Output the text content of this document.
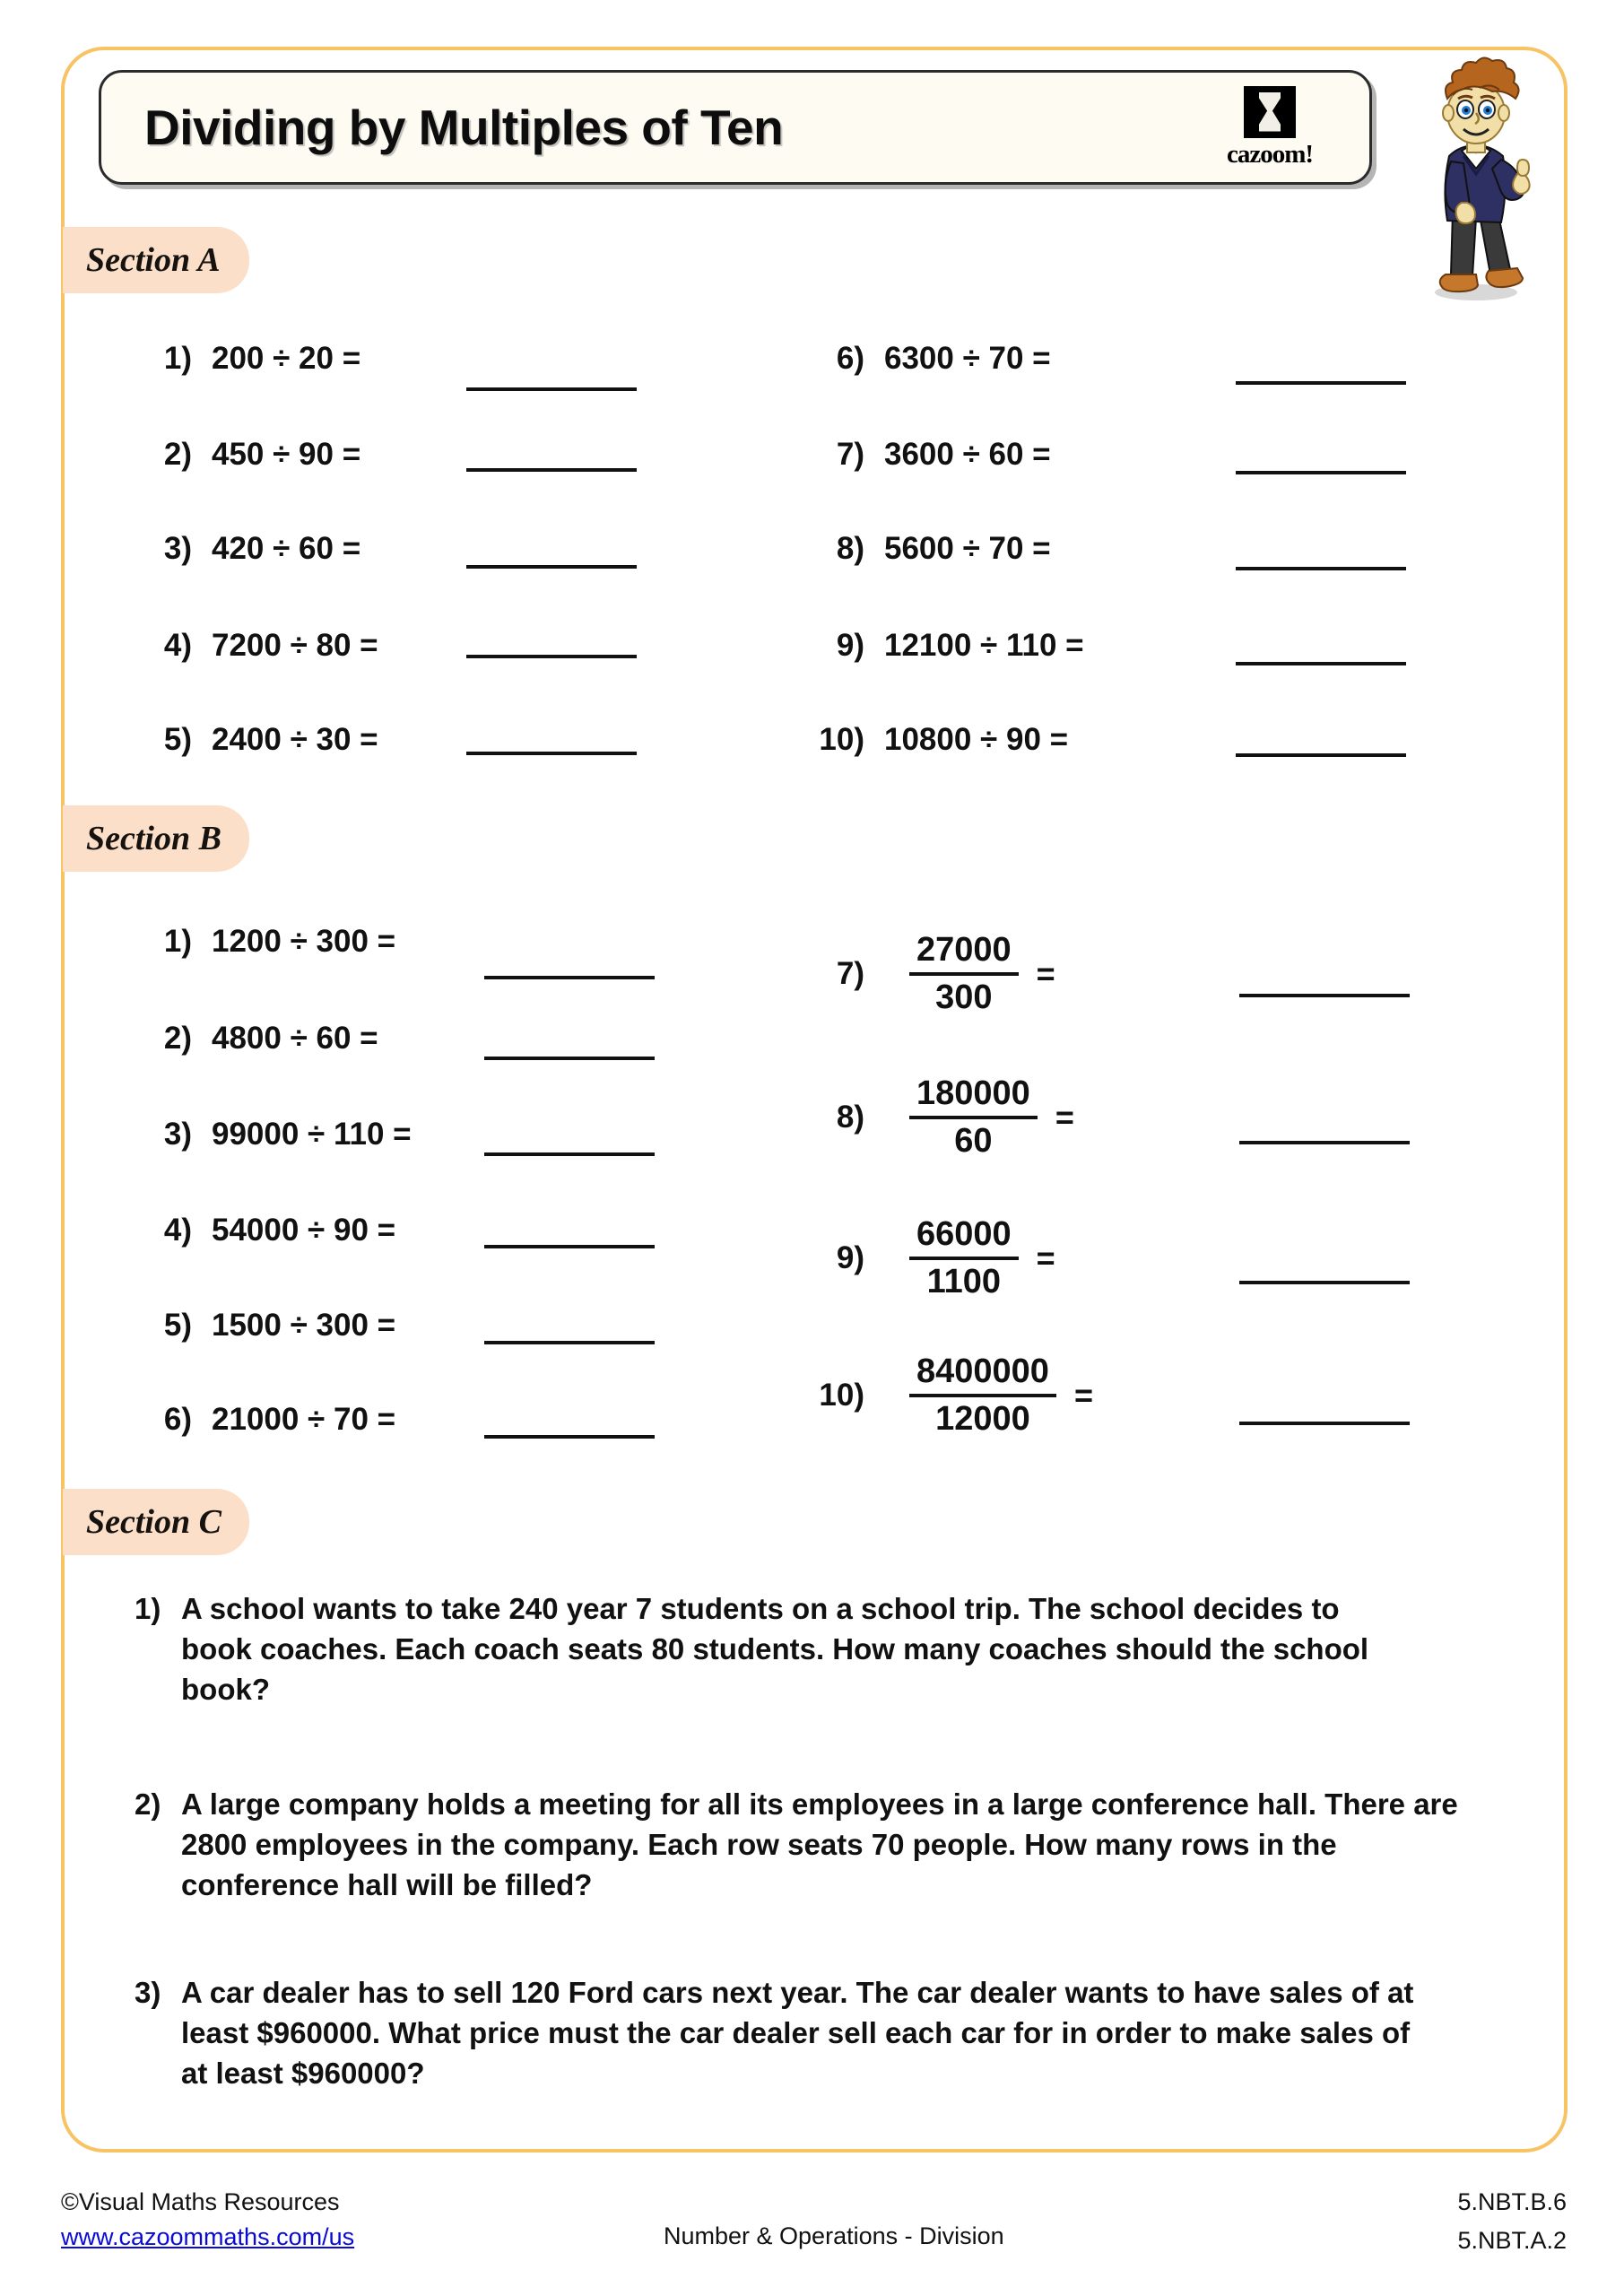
Dividing by Multiples of Ten	cazoom!
Section A
1) 200 ÷ 20 =
2) 450 ÷ 90 =
3) 420 ÷ 60 =
4) 7200 ÷ 80 =
5) 2400 ÷ 30 =
6) 6300 ÷ 70 =
7) 3600 ÷ 60 =
8) 5600 ÷ 70 =
9) 12100 ÷ 110 =
10) 10800 ÷ 90 =
Section B
1) 1200 ÷ 300 =
2) 4800 ÷ 60 =
3) 99000 ÷ 110 =
4) 54000 ÷ 90 =
5) 1500 ÷ 300 =
6) 21000 ÷ 70 =
$7) \frac{27000}{300}$ =
$8) \frac{180000}{60}$ =
$9) \frac{66000}{1100}$ =
$10) \frac{8400000}{12000}$ =
Section C
1) A school wants to take 240 year 7 students on a school trip. The school decides to book coaches. Each coach seats 80 students. How many coaches should the school book?
2) A large company holds a meeting for all its employees in a large conference hall. There are 2800 employees in the company. Each row seats 70 people. How many rows in the conference hall will be filled?
3) A car dealer has to sell 120 Ford cars next year. The car dealer wants to have sales of at least $960000. What price must the car dealer sell each car for in order to make sales of at least $960000?
©Visual Maths Resources
www.cazoommaths.com/us	Number & Operations - Division
5.NBT.B.6
5.NBT.A.2
